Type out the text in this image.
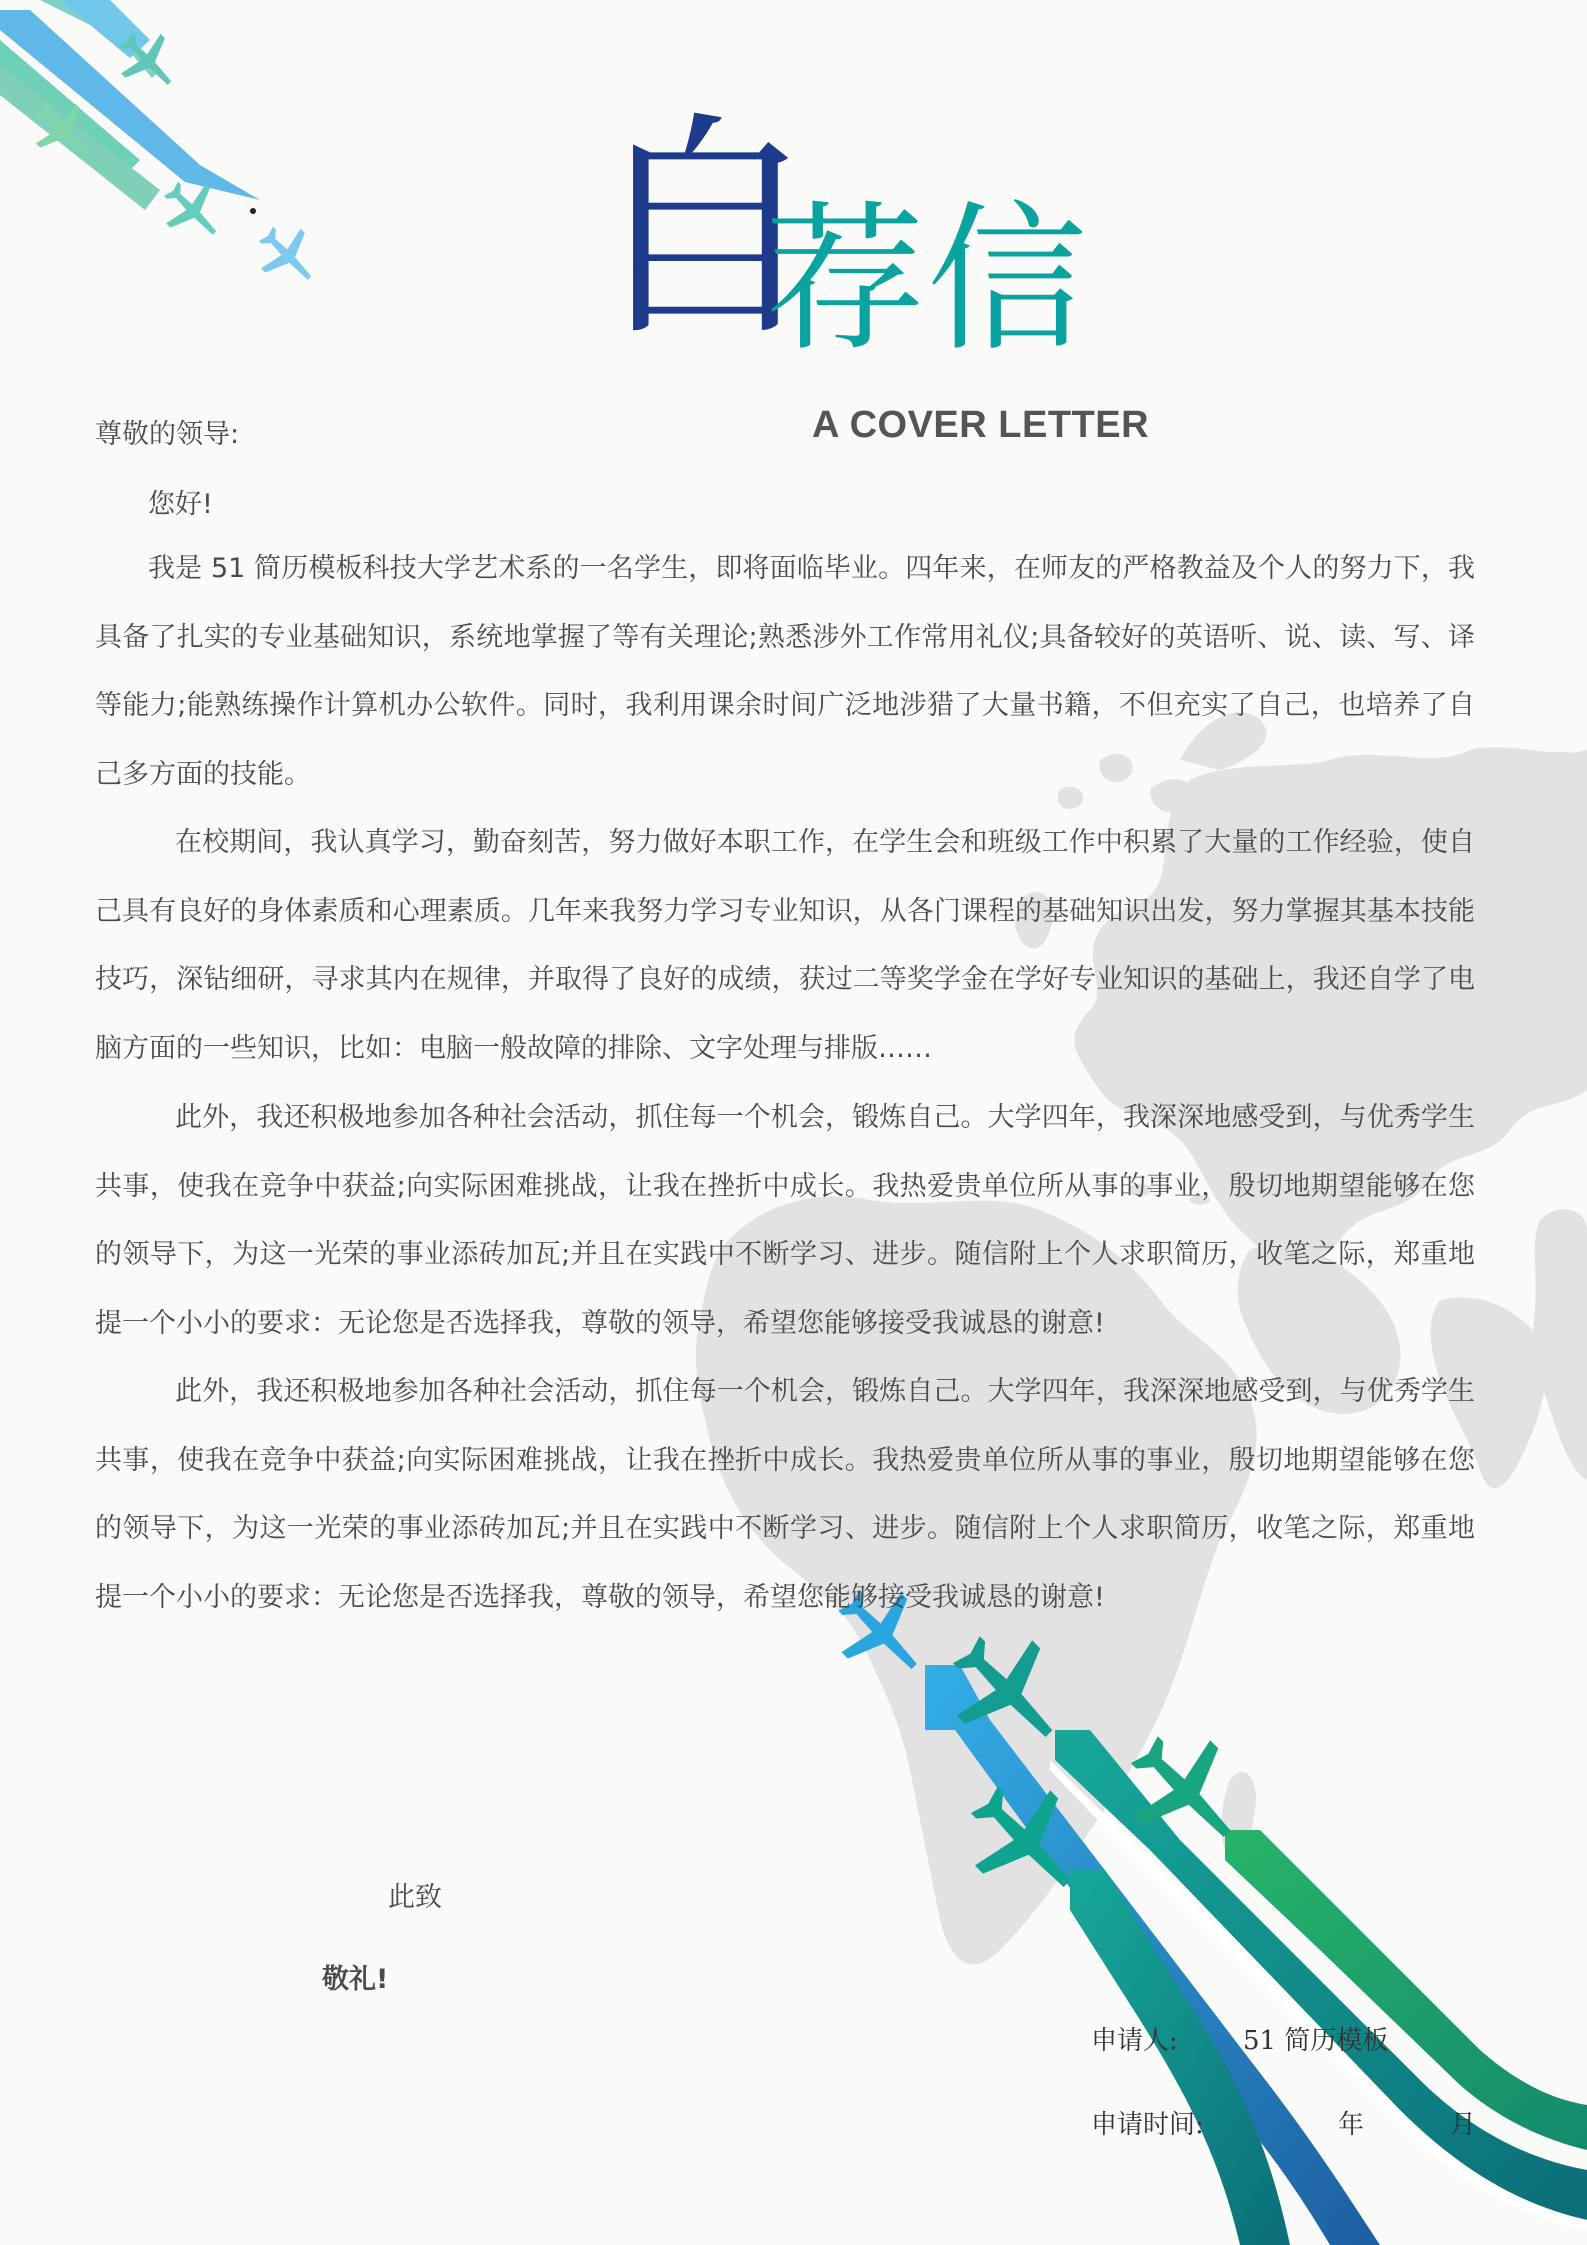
自
荐信
A COVER LETTER
尊敬的领导:
您好!
我是 51 简历模板科技大学艺术系的一名学生，即将面临毕业。四年来，在师友的严格教益及个人的努力下，我具备了扎实的专业基础知识，系统地掌握了等有关理论;熟悉涉外工作常用礼仪;具备较好的英语听、说、读、写、译等能力;能熟练操作计算机办公软件。同时，我利用课余时间广泛地涉猎了大量书籍，不但充实了自己，也培养了自己多方面的技能。
在校期间，我认真学习，勤奋刻苦，努力做好本职工作，在学生会和班级工作中积累了大量的工作经验，使自己具有良好的身体素质和心理素质。几年来我努力学习专业知识，从各门课程的基础知识出发，努力掌握其基本技能技巧，深钻细研，寻求其内在规律，并取得了良好的成绩，获过二等奖学金在学好专业知识的基础上，我还自学了电脑方面的一些知识，比如：电脑一般故障的排除、文字处理与排版……
此外，我还积极地参加各种社会活动，抓住每一个机会，锻炼自己。大学四年，我深深地感受到，与优秀学生共事，使我在竞争中获益;向实际困难挑战，让我在挫折中成长。我热爱贵单位所从事的事业，殷切地期望能够在您的领导下，为这一光荣的事业添砖加瓦;并且在实践中不断学习、进步。随信附上个人求职简历，收笔之际，郑重地提一个小小的要求：无论您是否选择我，尊敬的领导，希望您能够接受我诚恳的谢意!
此外，我还积极地参加各种社会活动，抓住每一个机会，锻炼自己。大学四年，我深深地感受到，与优秀学生共事，使我在竞争中获益;向实际困难挑战，让我在挫折中成长。我热爱贵单位所从事的事业，殷切地期望能够在您的领导下，为这一光荣的事业添砖加瓦;并且在实践中不断学习、进步。随信附上个人求职简历，收笔之际，郑重地提一个小小的要求：无论您是否选择我，尊敬的领导，希望您能够接受我诚恳的谢意!
此致
敬礼!
申请人:	51 简历模板
申请时间:	年	月
